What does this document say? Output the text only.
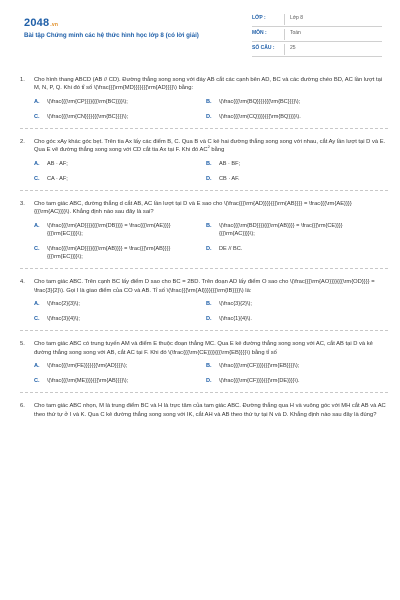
2048.vn
Bài tập Chứng minh các hệ thức hình học lớp 8 (có lời giải)
LỚP :	Lớp 8
MÔN :	Toán
SỐ CÂU :	25
1.	Cho hình thang ABCD (AB // CD). Đường thẳng song song với đáy AB cắt các cạnh bên AD, BC và các đường chéo BD, AC lần lượt tại M, N, P, Q. Khi đó tỉ số \(\frac{{{\rm{MD}}}}{{{\rm{AD}}}}\) bằng:
A.	\(\frac{{{\rm{CP}}}}{{{\rm{BC}}}}\);	B.	\(\frac{{{\rm{BQ}}}}{{{\rm{BC}}}}\);
C.	\(\frac{{{\rm{CN}}}}{{{\rm{BC}}}}\);	D.	\(\frac{{{\rm{CQ}}}}{{{\rm{BQ}}}}\).
2.	Cho góc xAy khác góc bẹt. Trên tia Ax lấy các điểm B, C. Qua B và C kẻ hai đường thẳng song song với nhau, cắt Ay lần lượt tại D và E. Qua E vẽ đường thẳng song song với CD cắt tia Ax tại F. Khi đó $AC^2$ bằng
A.	AB · AF;	B.	AB · BF;
C.	CA · AF;	D.	CB · AF.
3.	Cho tam giác ABC, đường thẳng d cắt AB, AC lần lượt tại D và E sao cho \(\frac{{{\rm{AD}}}}{{{\rm{AB}}}} = \frac{{{\rm{AE}}}}{{{\rm{AC}}}}\). Khẳng định nào sau đây là sai?
A.	\(\frac{{{\rm{AD}}}}{{{\rm{DB}}}} = \frac{{{\rm{AE}}}}{{{\rm{EC}}}}\);
B.	\(\frac{{{\rm{BD}}}}{{{\rm{AB}}}} = \frac{{{\rm{CE}}}}{{{\rm{AC}}}}\);
C.	\(\frac{{{\rm{AD}}}}{{{\rm{AB}}}} = \frac{{{\rm{AB}}}}{{{\rm{EC}}}}\);
D.	DE // BC.
4.	Cho tam giác ABC. Trên cạnh BC lấy điểm D sao cho BC = 2BD. Trên đoạn AD lấy điểm O sao cho \(\frac{{{\rm{AO}}}}{{{\rm{OD}}}} = \frac{3}{2}\). Gọi I là giao điểm của CO và AB. Tỉ số \(\frac{{{\rm{AI}}}}{{{\rm{IB}}}}\) là:
A.	\(\frac{2}{3}\);	B.	\(\frac{3}{2}\);
C.	\(\frac{3}{4}\);	D.	\(\frac{1}{4}\).
5.	Cho tam giác ABC có trung tuyến AM và điểm E thuộc đoạn thẳng MC. Qua E kẻ đường thẳng song song với AC, cắt AB tại D và kẻ đường thẳng song song với AB, cắt AC tại F. Khi đó \(\frac{{{\rm{CE}}}}{{{\rm{EB}}}}\) bằng tỉ số
A.	\(\frac{{{\rm{FE}}}}{{{\rm{AD}}}}\);	B.	\(\frac{{{\rm{CF}}}}{{{\rm{EB}}}}\);
C.	\(\frac{{{\rm{ME}}}}{{{\rm{AB}}}}\);	D.	\(\frac{{{\rm{CF}}}}{{{\rm{DE}}}}\).
6.	Cho tam giác ABC nhọn, M là trung điểm BC và H là trực tâm của tam giác ABC. Đường thẳng qua H và vuông góc với MH cắt AB và AC theo thứ tự ở I và K. Qua C kẻ đường thẳng song song với IK, cắt AH và AB theo thứ tự tại N và D. Khẳng định nào sau đây là đúng?
